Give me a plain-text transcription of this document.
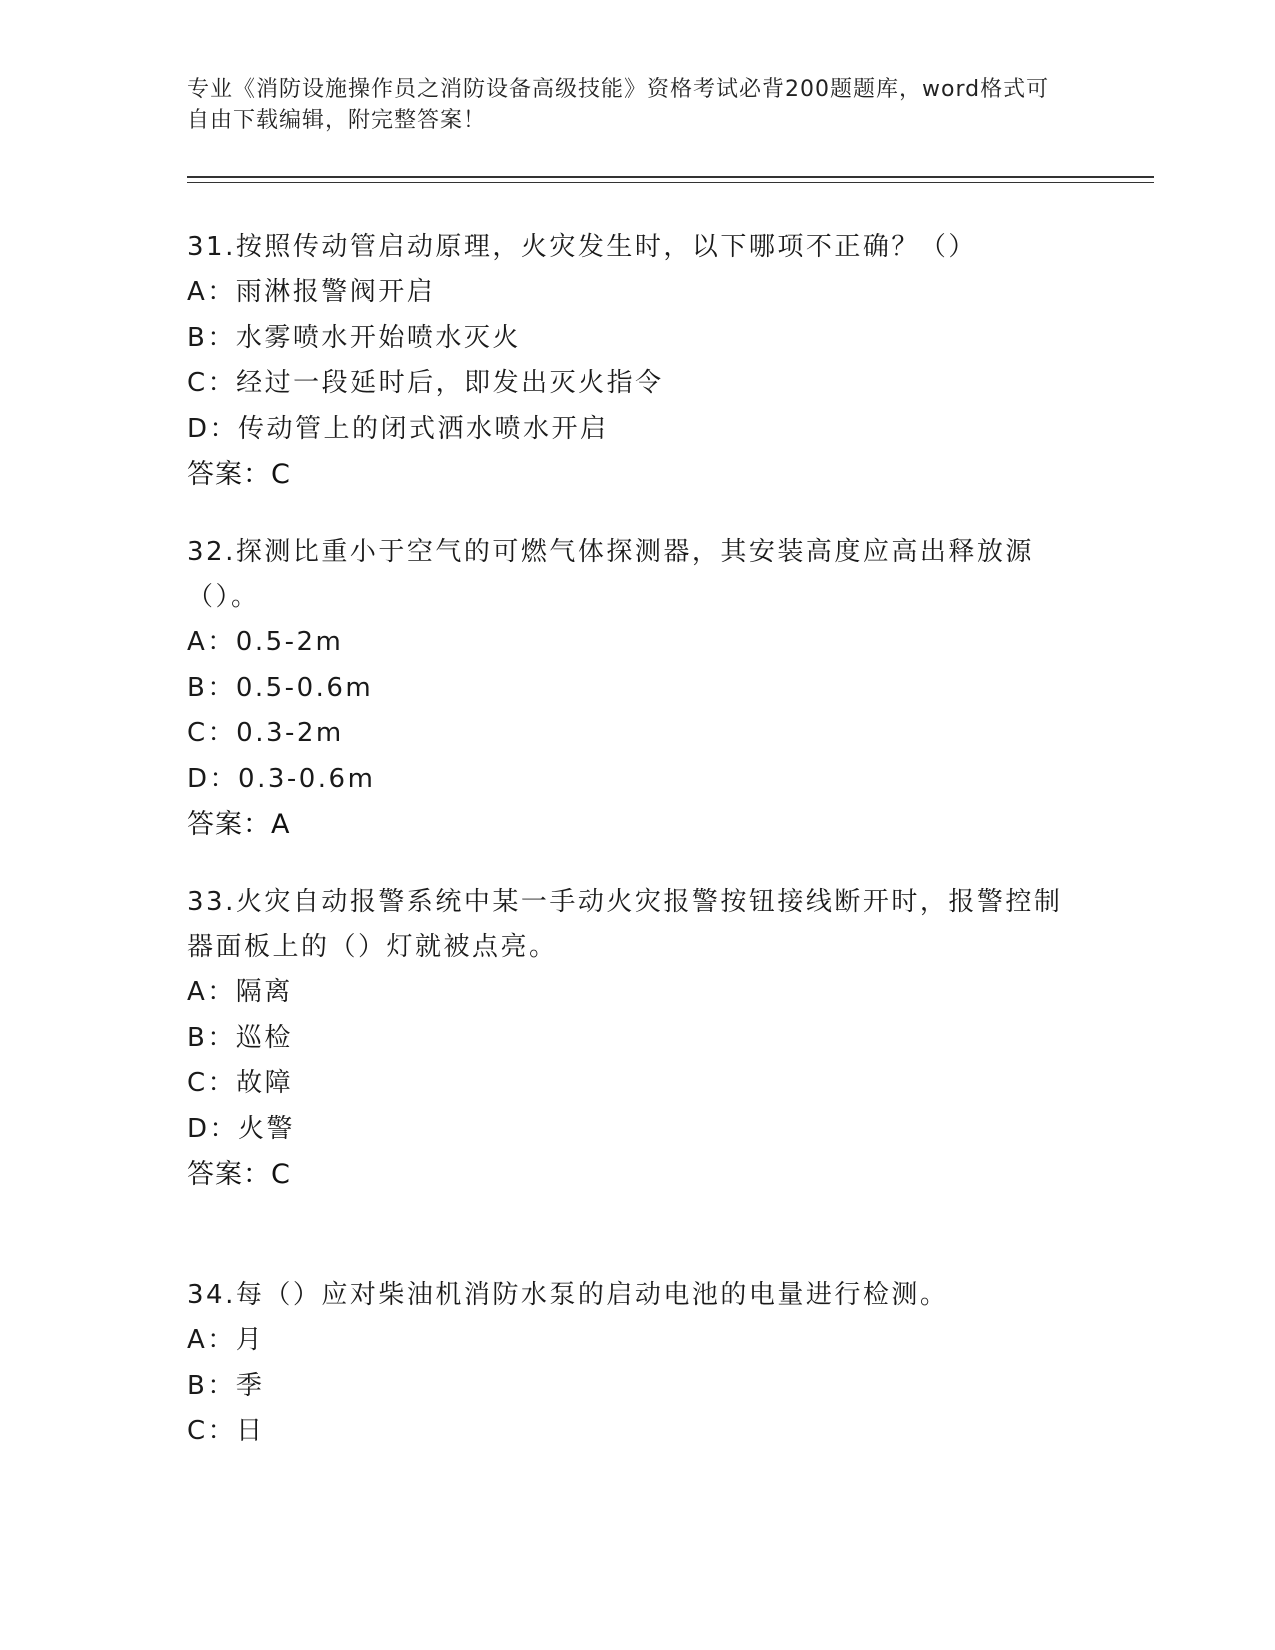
专业《消防设施操作员之消防设备高级技能》资格考试必背200题题库，word格式可自由下载编辑，附完整答案！
31.按照传动管启动原理，火灾发生时，以下哪项不正确？（）
A：雨淋报警阀开启
B：水雾喷水开始喷水灭火
C：经过一段延时后，即发出灭火指令
D：传动管上的闭式洒水喷水开启
答案：C
32.探测比重小于空气的可燃气体探测器，其安装高度应高出释放源（）。
A：0.5-2m
B：0.5-0.6m
C：0.3-2m
D：0.3-0.6m
答案：A
33.火灾自动报警系统中某一手动火灾报警按钮接线断开时，报警控制器面板上的（）灯就被点亮。
A：隔离
B：巡检
C：故障
D：火警
答案：C
34.每（）应对柴油机消防水泵的启动电池的电量进行检测。
A：月
B：季
C：日
